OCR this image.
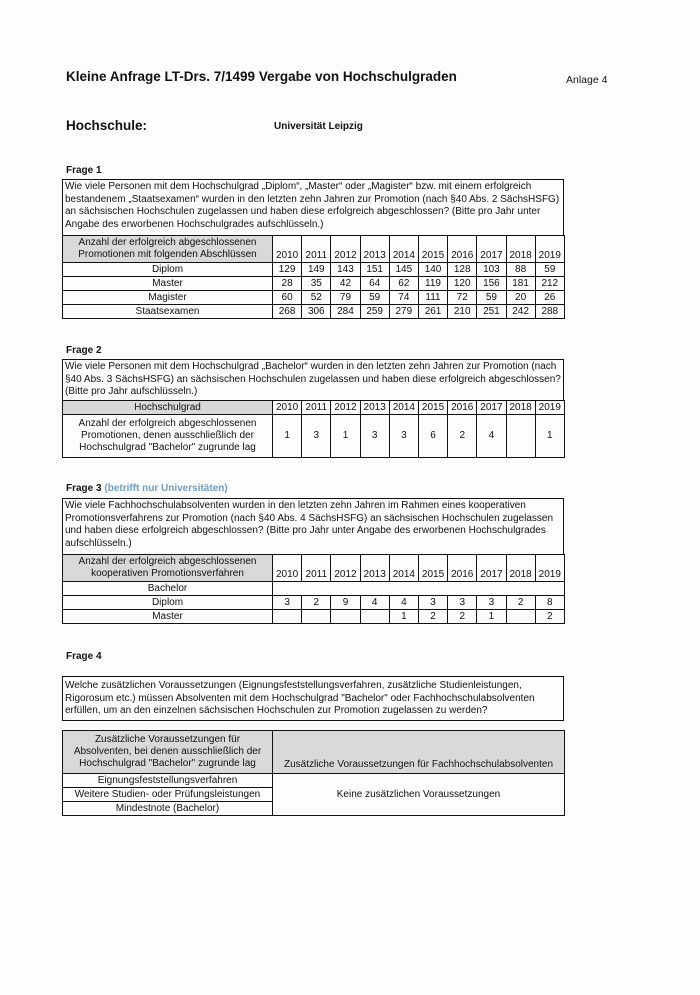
Kleine Anfrage LT-Drs. 7/1499 Vergabe von Hochschulgraden	Anlage 4
Hochschule:	Universität Leipzig
Frage 1
Wie viele Personen mit dem Hochschulgrad „Diplom“, „Master“ oder „Magister“ bzw. mit einem erfolgreich bestandenem „Staatsexamen“ wurden in den letzten zehn Jahren zur Promotion (nach §40 Abs. 2 SächsHSFG) an sächsischen Hochschulen zugelassen und haben diese erfolgreich abgeschlossen? (Bitte pro Jahr unter Angabe des erworbenen Hochschulgrades aufschlüsseln.)
Anzahl der erfolgreich abgeschlossenen Promotionen mit folgenden Abschlüssen	2010	2011	2012	2013	2014	2015	2016	2017	2018	2019
Diplom	129	149	143	151	145	140	128	103	88	59
Master	28	35	42	64	62	119	120	156	181	212
Magister	60	52	79	59	74	111	72	59	20	26
Staatsexamen	268	306	284	259	279	261	210	251	242	288
Frage 2
Wie viele Personen mit dem Hochschulgrad „Bachelor“ wurden in den letzten zehn Jahren zur Promotion (nach §40 Abs. 3 SächsHSFG) an sächsischen Hochschulen zugelassen und haben diese erfolgreich abgeschlossen? (Bitte pro Jahr aufschlüsseln.)
Hochschulgrad	2010	2011	2012	2013	2014	2015	2016	2017	2018	2019
Anzahl der erfolgreich abgeschlossenen Promotionen, denen ausschließlich der Hochschulgrad "Bachelor" zugrunde lag	1	3	1	3	3	6	2	4		1
Frage 3 (betrifft nur Universitäten)
Wie viele Fachhochschulabsolventen wurden in den letzten zehn Jahren im Rahmen eines kooperativen Promotionsverfahrens zur Promotion (nach §40 Abs. 4 SächsHSFG) an sächsischen Hochschulen zugelassen und haben diese erfolgreich abgeschlossen? (Bitte pro Jahr unter Angabe des erworbenen Hochschulgrades aufschlüsseln.)
Anzahl der erfolgreich abgeschlossenen kooperativen Promotionsverfahren	2010	2011	2012	2013	2014	2015	2016	2017	2018	2019
Bachelor										
Diplom	3	2	9	4	4	3	3	3	2	8
Master					1	2	2	1		2
Frage 4
Welche zusätzlichen Voraussetzungen (Eignungsfeststellungsverfahren, zusätzliche Studienleistungen, Rigorosum etc.) müssen Absolventen mit dem Hochschulgrad "Bachelor" oder Fachhochschulabsolventen erfüllen, um an den einzelnen sächsischen Hochschulen zur Promotion zugelassen zu werden?
Zusätzliche Voraussetzungen für Absolventen, bei denen ausschließlich der Hochschulgrad "Bachelor" zugrunde lag	Zusätzliche Voraussetzungen für Fachhochschulabsolventen
Eignungsfeststellungsverfahren	Keine zusätzlichen Voraussetzungen
Weitere Studien- oder Prüfungsleistungen	
Mindestnote (Bachelor)	
